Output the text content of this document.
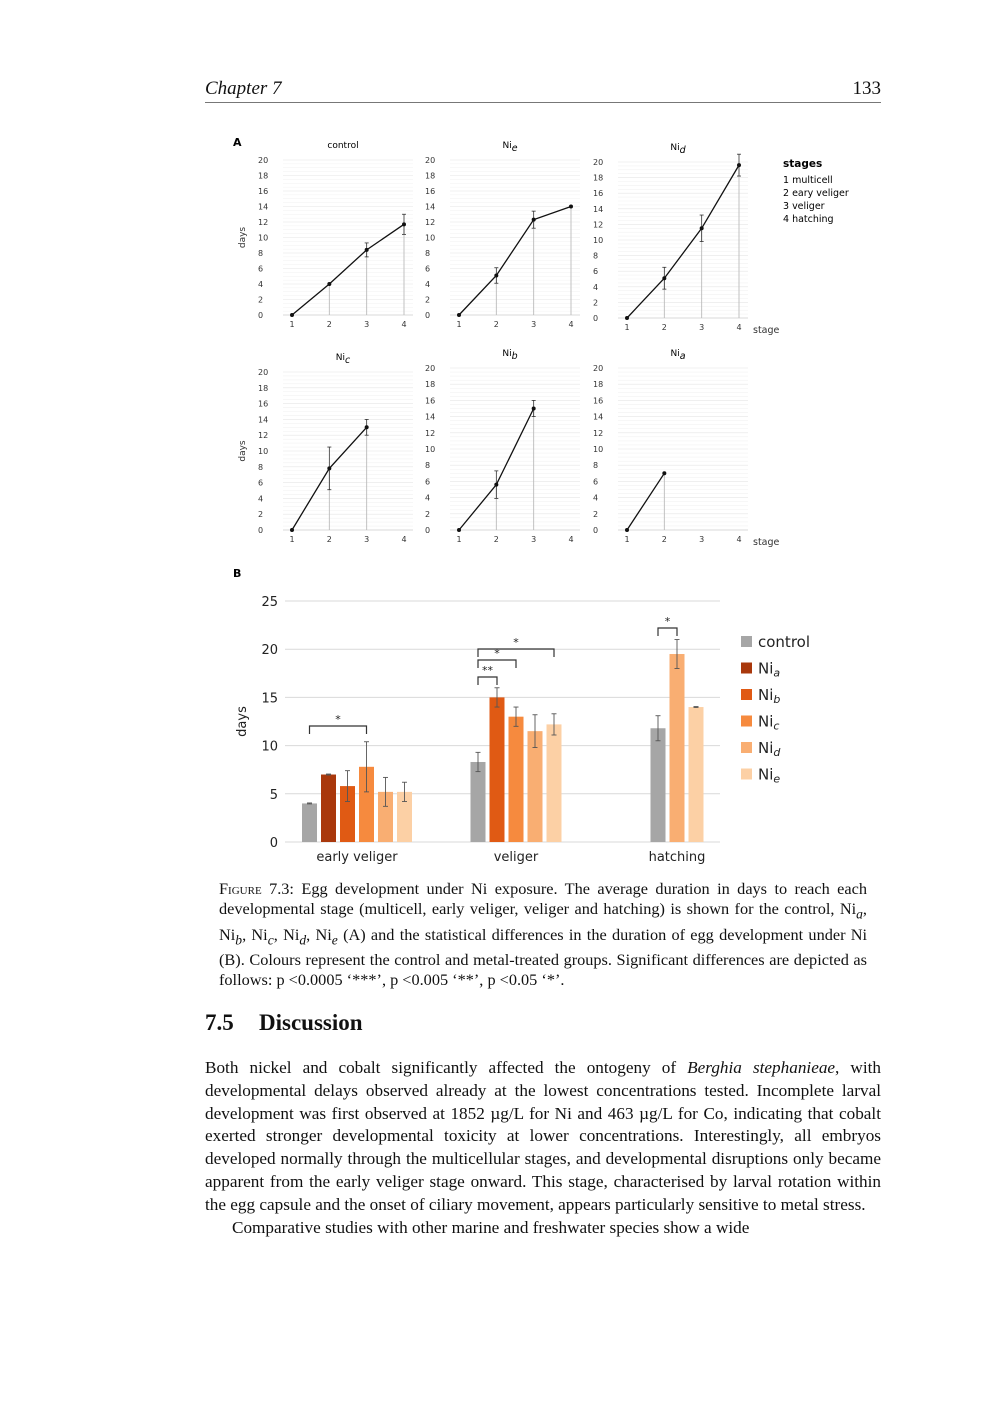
Chapter 7	133
A
B
0
2
4
6
8
10
12
14
16
18
20
1	2	3	4
control
days
0
2
4
6
8
10
12
14
16
18
20
1	2	3	4
Nie
0
2
4
6
8
10
12
14
16
18
20
1	2	3	4
Nid
stage
0
2
4
6
8
10
12
14
16
18
20
1	2	3	4
Nic
days
0
2
4
6
8
10
12
14
16
18
20
1	2	3	4
Nib
0
2
4
6
8
10
12
14
16
18
20
1	2	3	4
Nia
stage
stages
1 multicell
2 eary veliger
3 veliger
4 hatching
0
5
10
15
20
25
days
early veliger	veliger	hatching
*
**
*
*
*
control
$Ni_a$
$Ni_b$
$Ni_c$
$Ni_d$
$Ni_e$
Figure 7.3: Egg development under Ni exposure. The average duration in days to reach each developmental stage (multicell, early veliger, veliger and hatching) is shown for the control, $Ni_a$, $Ni_b$, $Ni_c$, $Ni_d$, $Ni_e$ (A) and the statistical differences in the duration of egg development under Ni (B). Colours represent the control and metal-treated groups. Significant differences are depicted as follows: p <0.0005 ‘***’, p <0.005 ‘**’, p <0.05 ‘*’.
7.5 Discussion

Both nickel and cobalt significantly affected the ontogeny of Berghia stephanieae, with developmental delays observed already at the lowest concentrations tested. Incomplete larval development was first observed at 1852 µg/L for Ni and 463 µg/L for Co, indicating that cobalt exerted stronger developmental toxicity at lower concentrations. Interestingly, all embryos developed normally through the multicellular stages, and developmental disruptions only became apparent from the early veliger stage onward. This stage, characterised by larval rotation within the egg capsule and the onset of ciliary movement, appears particularly sensitive to metal stress.

Comparative studies with other marine and freshwater species show a wide
